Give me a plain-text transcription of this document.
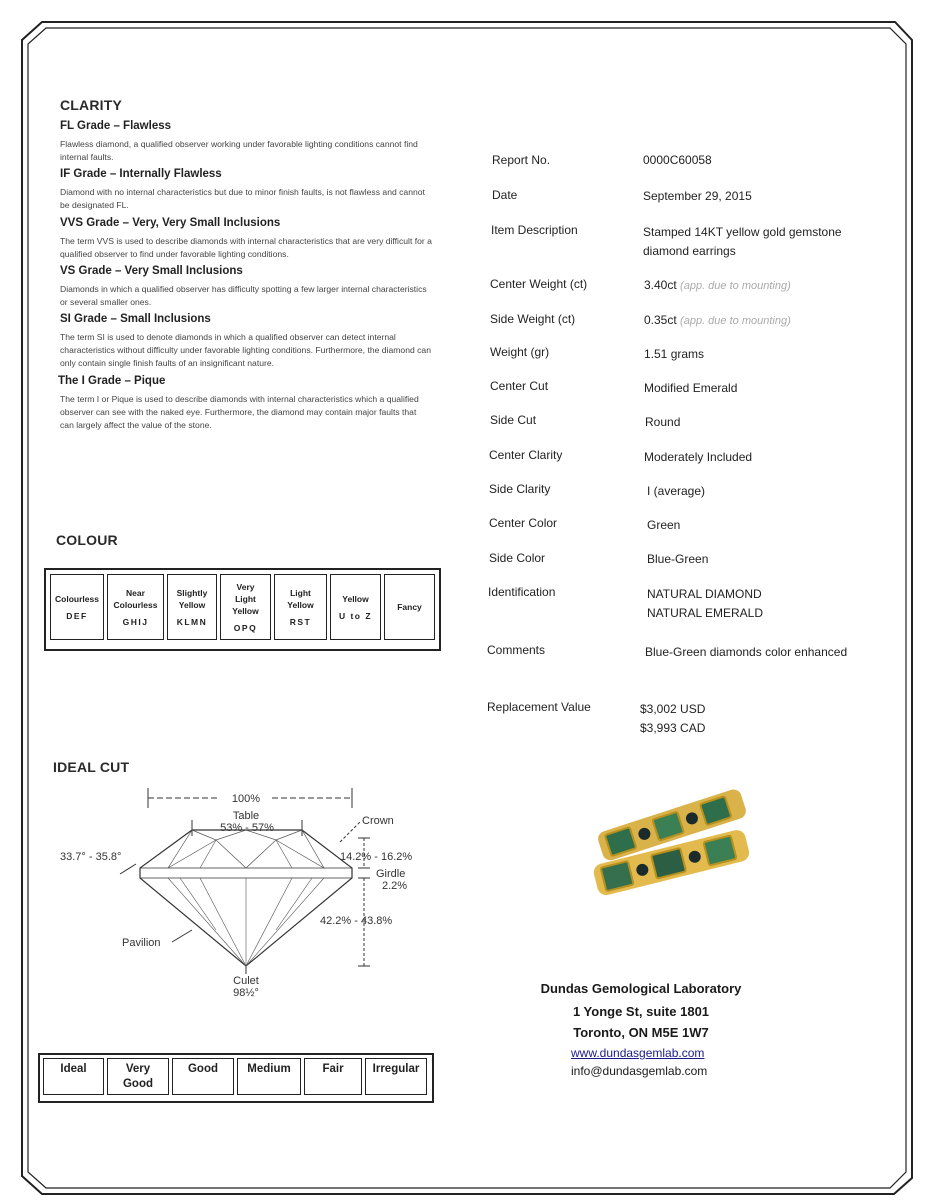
CLARITY
FL Grade – Flawless
Flawless diamond, a qualified observer working under favorable lighting conditions cannot find internal faults.
IF Grade – Internally Flawless
Diamond with no internal characteristics but due to minor finish faults, is not flawless and cannot be designated FL.
VVS Grade – Very, Very Small Inclusions
The term VVS is used to describe diamonds with internal characteristics that are very difficult for a qualified observer to find under favorable lighting conditions.
VS Grade – Very Small Inclusions
Diamonds in which a qualified observer has difficulty spotting a few larger internal characteristics or several smaller ones.
SI Grade – Small Inclusions
The term SI is used to denote diamonds in which a qualified observer can detect internal characteristics without difficulty under favorable lighting conditions. Furthermore, the diamond can only contain single finish faults of an insignificant nature.
The I Grade – Pique
The term I or Pique is used to describe diamonds with internal characteristics which a qualified observer can see with the naked eye. Furthermore, the diamond may contain major faults that can largely affect the value of the stone.
COLOUR
Colourless
DEF
Near Colourless
GHIJ
Slightly Yellow
KLMN
Very Light Yellow
OPQ
Light Yellow
RST
Yellow
U to Z
Fancy
IDEAL CUT
100%
Table
53% - 57%
Crown
33.7° - 35.8°	14.2% - 16.2%
Girdle
2.2%
42.2% - 43.8%
Pavilion
Culet
98½°
Ideal	Very Good
Good	Medium	Fair	Irregular
Report No.	0000C60058
Date	September 29, 2015
Item Description	Stamped 14KT yellow gold gemstone
diamond earrings
Center Weight (ct)	3.40ct (app. due to mounting)
Side Weight (ct)	0.35ct (app. due to mounting)
Weight (gr)	1.51 grams
Center Cut	Modified Emerald
Side Cut	Round
Center Clarity	Moderately Included
Side Clarity	I (average)
Center Color	Green
Side Color	Blue-Green
Identification	NATURAL DIAMOND
NATURAL EMERALD
Comments	Blue-Green diamonds color enhanced
Replacement Value	$3,002 USD
$3,993 CAD
Dundas Gemological Laboratory
1 Yonge St, suite 1801
Toronto, ON M5E 1W7
www.dundasgemlab.com
info@dundasgemlab.com
